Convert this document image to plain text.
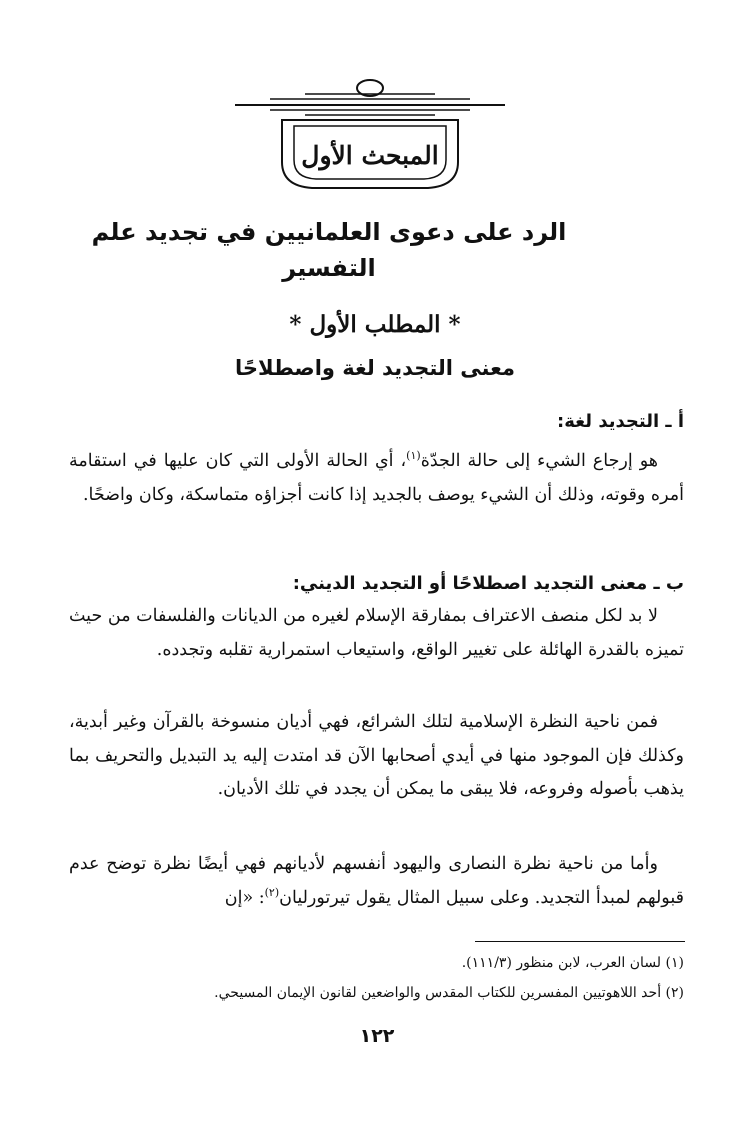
المبحث الأول
الرد على دعوى العلمانيين في تجديد علم التفسير
* المطلب الأول *
معنى التجديد لغة واصطلاحًا
أ ـ التجديد لغة:
هو إرجاع الشيء إلى حالة الجدّة$^{(١)}$، أي الحالة الأولى التي كان عليها في استقامة أمره وقوته، وذلك أن الشيء يوصف بالجديد إذا كانت أجزاؤه متماسكة، وكان واضحًا.
ب ـ معنى التجديد اصطلاحًا أو التجديد الديني:
لا بد لكل منصف الاعتراف بمفارقة الإسلام لغيره من الديانات والفلسفات من حيث تميزه بالقدرة الهائلة على تغيير الواقع، واستيعاب استمرارية تقلبه وتجدده.
فمن ناحية النظرة الإسلامية لتلك الشرائع، فهي أديان منسوخة بالقرآن وغير أبدية، وكذلك فإن الموجود منها في أيدي أصحابها الآن قد امتدت إليه يد التبديل والتحريف بما يذهب بأصوله وفروعه، فلا يبقى ما يمكن أن يجدد في تلك الأديان.
وأما من ناحية نظرة النصارى واليهود أنفسهم لأديانهم فهي أيضًا نظرة توضح عدم قبولهم لمبدأ التجديد. وعلى سبيل المثال يقول تيرتورليان$^{(٢)}$: «إن
(١) لسان العرب، لابن منظور (١١١/٣).
(٢) أحد اللاهوتيين المفسرين للكتاب المقدس والواضعين لقانون الإيمان المسيحي.
١٢٢
